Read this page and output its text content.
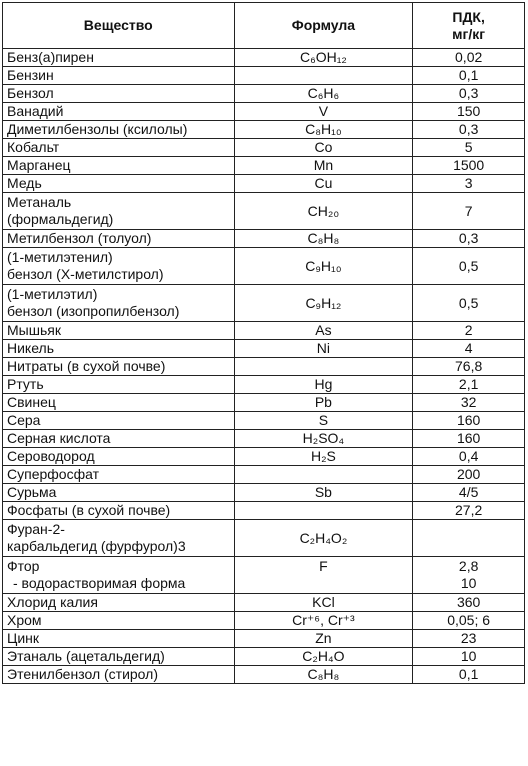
Вещество	Формула	ПДК,
мг/кг

Бенз(а)пирен	C₆OH₁₂	0,02
Бензин		0,1
Бензол	C₆H₆	0,3
Ванадий	V	150
Диметилбензолы (ксилолы)	C₈H₁₀	0,3
Кобальт	Co	5
Марганец	Mn	1500
Медь	Cu	3

Метаналь
(формальдегид)	CH₂₀	7
Метилбензол (толуол)	C₈H₈	0,3

(1-метилэтенил)
бензол (Х-метилстирол)	C₉H₁₀	0,5

(1-метилэтил)
бензол (изопропилбензол)	C₉H₁₂	0,5
Мышьяк	As	2
Никель	Ni	4
Нитраты (в сухой почве)		76,8
Ртуть	Hg	2,1
Свинец	Pb	32
Сера	S	160
Серная кислота	H₂SO₄	160
Сероводород	H₂S	0,4
Суперфосфат		200
Сурьма	Sb	4/5
Фосфаты (в сухой почве)		27,2

Фуран-2-
карбальдегид (фурфурол)3	C₂H₄O₂	

Фтор
- водорастворимая форма	F	2,8
10

Хлорид калия	KCl	360
Хром	Cr⁺⁶, Cr⁺³	0,05; 6
Цинк	Zn	23
Этаналь (ацетальдегид)	C₂H₄O	10
Этенилбензол (стирол)	C₈H₈	0,1
